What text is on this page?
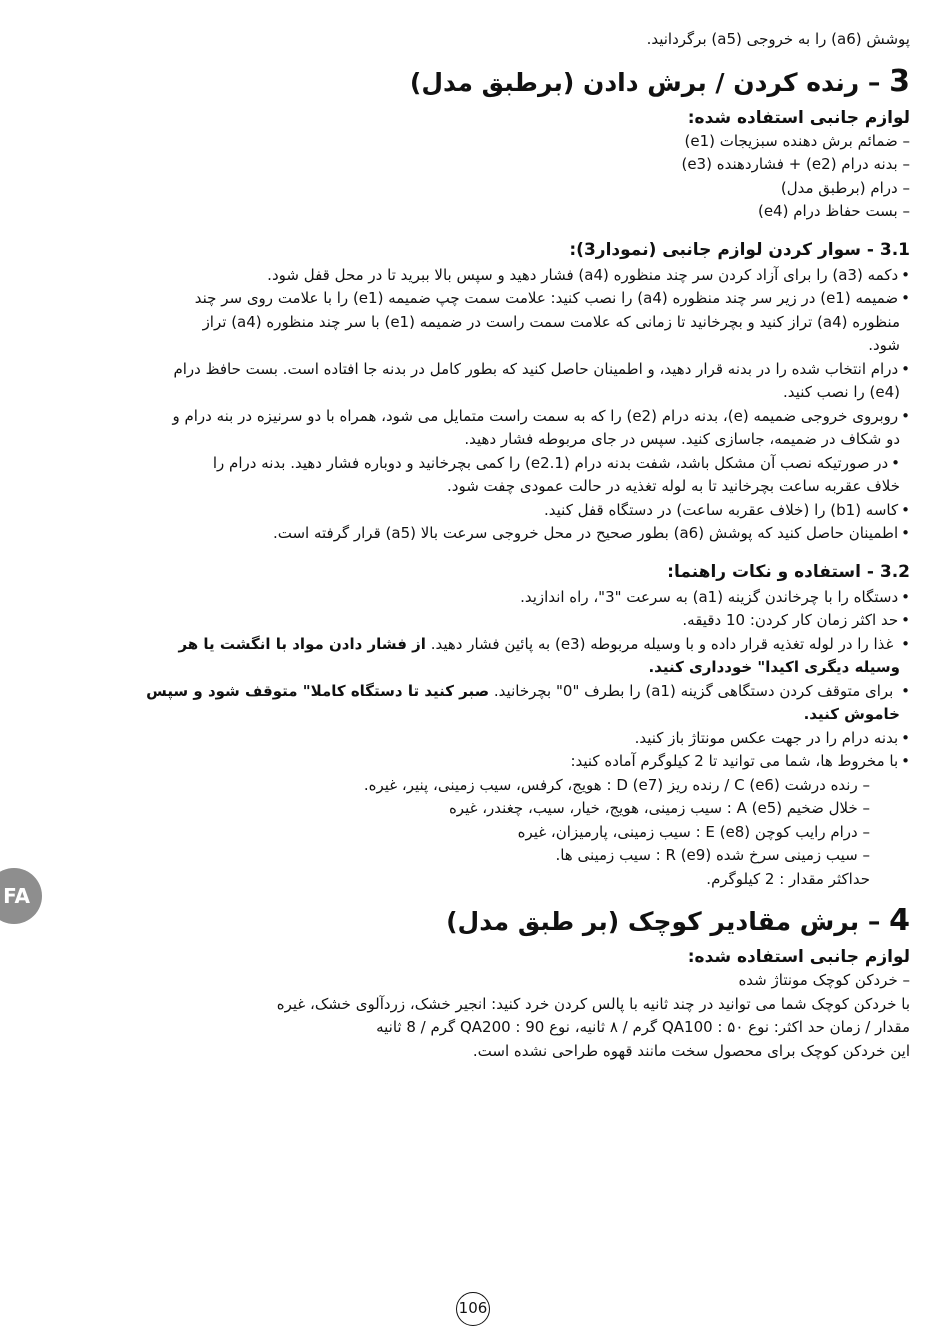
پوشش (a6) را به خروجی (a5) برگردانید.

3 – رنده کردن / برش دادن (برطبق مدل)
لوازم جانبی استفاده شده:

– ضمائم برش دهنده سبزیجات (e1)

– بدنه درام (e2) + فشاردهنده (e3)

– درام (برطبق مدل)

– بست حفاظ درام (e4)

3.1 - سوار کردن لوازم جانبی (نمودار3):

• دکمه (a3) را برای آزاد کردن سر چند منظوره (a4) فشار دهید و سپس بالا ببرید تا در محل قفل شود.

• ضمیمه (e1) در زیر سر چند منظوره (a4) را نصب کنید: علامت سمت چپ ضمیمه (e1) را با علامت روی سر چند

منظوره (a4) تراز کنید و بچرخانید تا زمانی که علامت سمت راست در ضمیمه (e1) با سر چند منظوره (a4) تراز

شود.

• درام انتخاب شده را در بدنه قرار دهید، و اطمینان حاصل کنید که بطور کامل در بدنه جا افتاده است. بست حافظ درام

(e4) را نصب کنید.

• روبروی خروجی ضمیمه (e)، بدنه درام (e2) را که به سمت راست متمایل می شود، همراه با دو سرنیزه در بنه درام و

دو شکاف در ضمیمه، جاسازی کنید. سپس در جای مربوطه فشار دهید.

• در صورتیکه نصب آن مشکل باشد، شفت بدنه درام (e2.1) را کمی بچرخانید و دوباره فشار دهید. بدنه درام را

خلاف عقربه ساعت بچرخانید تا به لوله تغذیه در حالت عمودی چفت شود.

• کاسه (b1) را (خلاف عقربه ساعت) در دستگاه قفل کنید.

• اطمینان حاصل کنید که پوشش (a6) بطور صحیح در محل خروجی سرعت بالا (a5) قرار گرفته است.

3.2 - استفاده و نکات راهنما:

• دستگاه را با چرخاندن گزینه (a1) به سرعت "3"، راه اندازید.

• حد اکثر زمان کار کردن: 10 دقیقه.

• غذا را در لوله تغذیه قرار داده و با وسیله مربوطه (e3) به پائین فشار دهید. از فشار دادن مواد با انگشت یا هر

وسیله دیگری اکیدا" خودداری کنید.

• برای متوقف کردن دستگاهی گزینه (a1) را بطرف "0" بچرخانید. صبر کنید تا دستگاه کاملا" متوقف شود و سپس

خاموش کنید.

• بدنه درام را در جهت عکس مونتاژ باز کنید.

• با مخروط ها، شما می توانید تا 2 کیلوگرم آماده کنید:

– رنده درشت C (e6) / رنده ریز D (e7) : هویج، کرفس، سیب زمینی، پنیر، غیره.

– خلال ضخیم A (e5) : سیب زمینی، هویج، خیار، سیب، چغندر، غیره

– درام رایب کوچن E (e8) : سیب زمینی، پارمیزان، غیره

– سیب زمینی سرخ شده R (e9) : سیب زمینی ها.

حداکثر مقدار : 2 کیلوگرم.

4 – برش مقادیر کوچک (بر طبق مدل)
لوازم جانبی استفاده شده:

– خردکن کوچک مونتاژ شده

با خردکن کوچک شما می توانید در چند ثانیه با پالس کردن خرد کنید: انجیر خشک، زردآلوی خشک، غیره

مقدار / زمان حد اکثر: نوع QA100 : ۵۰ گرم / ۸ ثانیه، نوع QA200 : 90 گرم / 8 ثانیه

این خردکن کوچک برای محصول سخت مانند قهوه طراحی نشده است.

FA
106
